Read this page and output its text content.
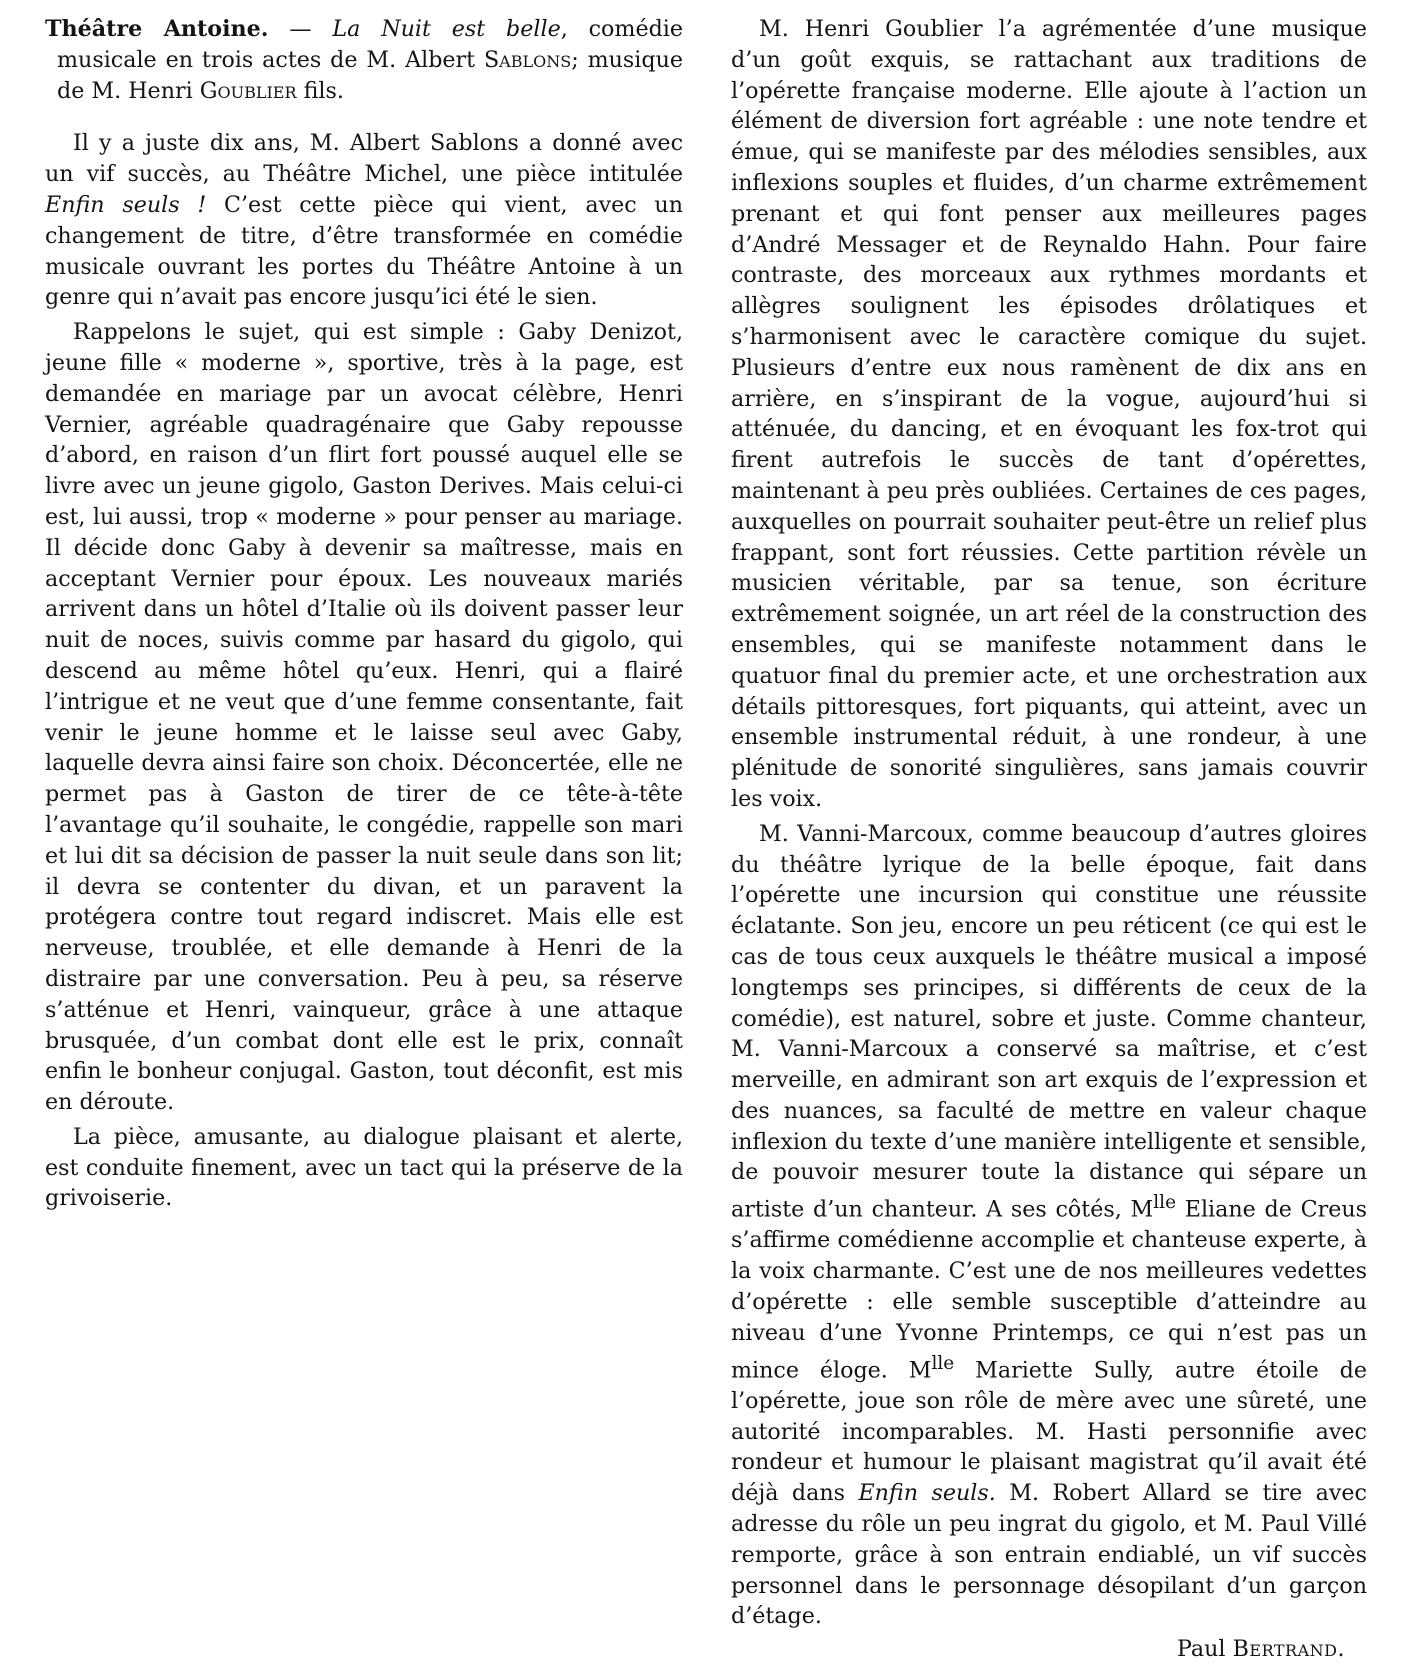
Théâtre Antoine. — La Nuit est belle, comédie musicale en trois actes de M. Albert Sablons; musique de M. Henri Goublier fils.

Il y a juste dix ans, M. Albert Sablons a donné avec un vif succès, au Théâtre Michel, une pièce intitulée Enfin seuls ! C’est cette pièce qui vient, avec un changement de titre, d’être transformée en comédie musicale ouvrant les portes du Théâtre Antoine à un genre qui n’avait pas encore jusqu’ici été le sien.

Rappelons le sujet, qui est simple : Gaby Denizot, jeune fille « moderne », sportive, très à la page, est demandée en mariage par un avocat célèbre, Henri Vernier, agréable quadragénaire que Gaby repousse d’abord, en raison d’un flirt fort poussé auquel elle se livre avec un jeune gigolo, Gaston Derives. Mais celui-ci est, lui aussi, trop « moderne » pour penser au mariage. Il décide donc Gaby à devenir sa maîtresse, mais en acceptant Vernier pour époux. Les nouveaux mariés arrivent dans un hôtel d’Italie où ils doivent passer leur nuit de noces, suivis comme par hasard du gigolo, qui descend au même hôtel qu’eux. Henri, qui a flairé l’intrigue et ne veut que d’une femme consentante, fait venir le jeune homme et le laisse seul avec Gaby, laquelle devra ainsi faire son choix. Déconcertée, elle ne permet pas à Gaston de tirer de ce tête-à-tête l’avantage qu’il souhaite, le congédie, rappelle son mari et lui dit sa décision de passer la nuit seule dans son lit; il devra se contenter du divan, et un paravent la protégera contre tout regard indiscret. Mais elle est nerveuse, troublée, et elle demande à Henri de la distraire par une conversation. Peu à peu, sa réserve s’atténue et Henri, vainqueur, grâce à une attaque brusquée, d’un combat dont elle est le prix, connaît enfin le bonheur conjugal. Gaston, tout déconfit, est mis en déroute.

La pièce, amusante, au dialogue plaisant et alerte, est conduite finement, avec un tact qui la préserve de la grivoiserie.

M. Henri Goublier l’a agrémentée d’une musique d’un goût exquis, se rattachant aux traditions de l’opérette française moderne. Elle ajoute à l’action un élément de diversion fort agréable : une note tendre et émue, qui se manifeste par des mélodies sensibles, aux inflexions souples et fluides, d’un charme extrêmement prenant et qui font penser aux meilleures pages d’André Messager et de Reynaldo Hahn. Pour faire contraste, des morceaux aux rythmes mordants et allègres soulignent les épisodes drôlatiques et s’harmonisent avec le caractère comique du sujet. Plusieurs d’entre eux nous ramènent de dix ans en arrière, en s’inspirant de la vogue, aujourd’hui si atténuée, du dancing, et en évoquant les fox-trot qui firent autrefois le succès de tant d’opérettes, maintenant à peu près oubliées. Certaines de ces pages, auxquelles on pourrait souhaiter peut-être un relief plus frappant, sont fort réussies. Cette partition révèle un musicien véritable, par sa tenue, son écriture extrêmement soignée, un art réel de la construction des ensembles, qui se manifeste notamment dans le quatuor final du premier acte, et une orchestration aux détails pittoresques, fort piquants, qui atteint, avec un ensemble instrumental réduit, à une rondeur, à une plénitude de sonorité singulières, sans jamais couvrir les voix.

M. Vanni-Marcoux, comme beaucoup d’autres gloires du théâtre lyrique de la belle époque, fait dans l’opérette une incursion qui constitue une réussite éclatante. Son jeu, encore un peu réticent (ce qui est le cas de tous ceux auxquels le théâtre musical a imposé longtemps ses principes, si différents de ceux de la comédie), est naturel, sobre et juste. Comme chanteur, M. Vanni-Marcoux a conservé sa maîtrise, et c’est merveille, en admirant son art exquis de l’expression et des nuances, sa faculté de mettre en valeur chaque inflexion du texte d’une manière intelligente et sensible, de pouvoir mesurer toute la distance qui sépare un artiste d’un chanteur. A ses côtés, $M^{lle}$ Eliane de Creus s’affirme comédienne accomplie et chanteuse experte, à la voix charmante. C’est une de nos meilleures vedettes d’opérette : elle semble susceptible d’atteindre au niveau d’une Yvonne Printemps, ce qui n’est pas un mince éloge. $M^{lle}$ Mariette Sully, autre étoile de l’opérette, joue son rôle de mère avec une sûreté, une autorité incomparables. M. Hasti personnifie avec rondeur et humour le plaisant magistrat qu’il avait été déjà dans Enfin seuls. M. Robert Allard se tire avec adresse du rôle un peu ingrat du gigolo, et M. Paul Villé remporte, grâce à son entrain endiablé, un vif succès personnel dans le personnage désopilant d’un garçon d’étage.

Paul Bertrand.
